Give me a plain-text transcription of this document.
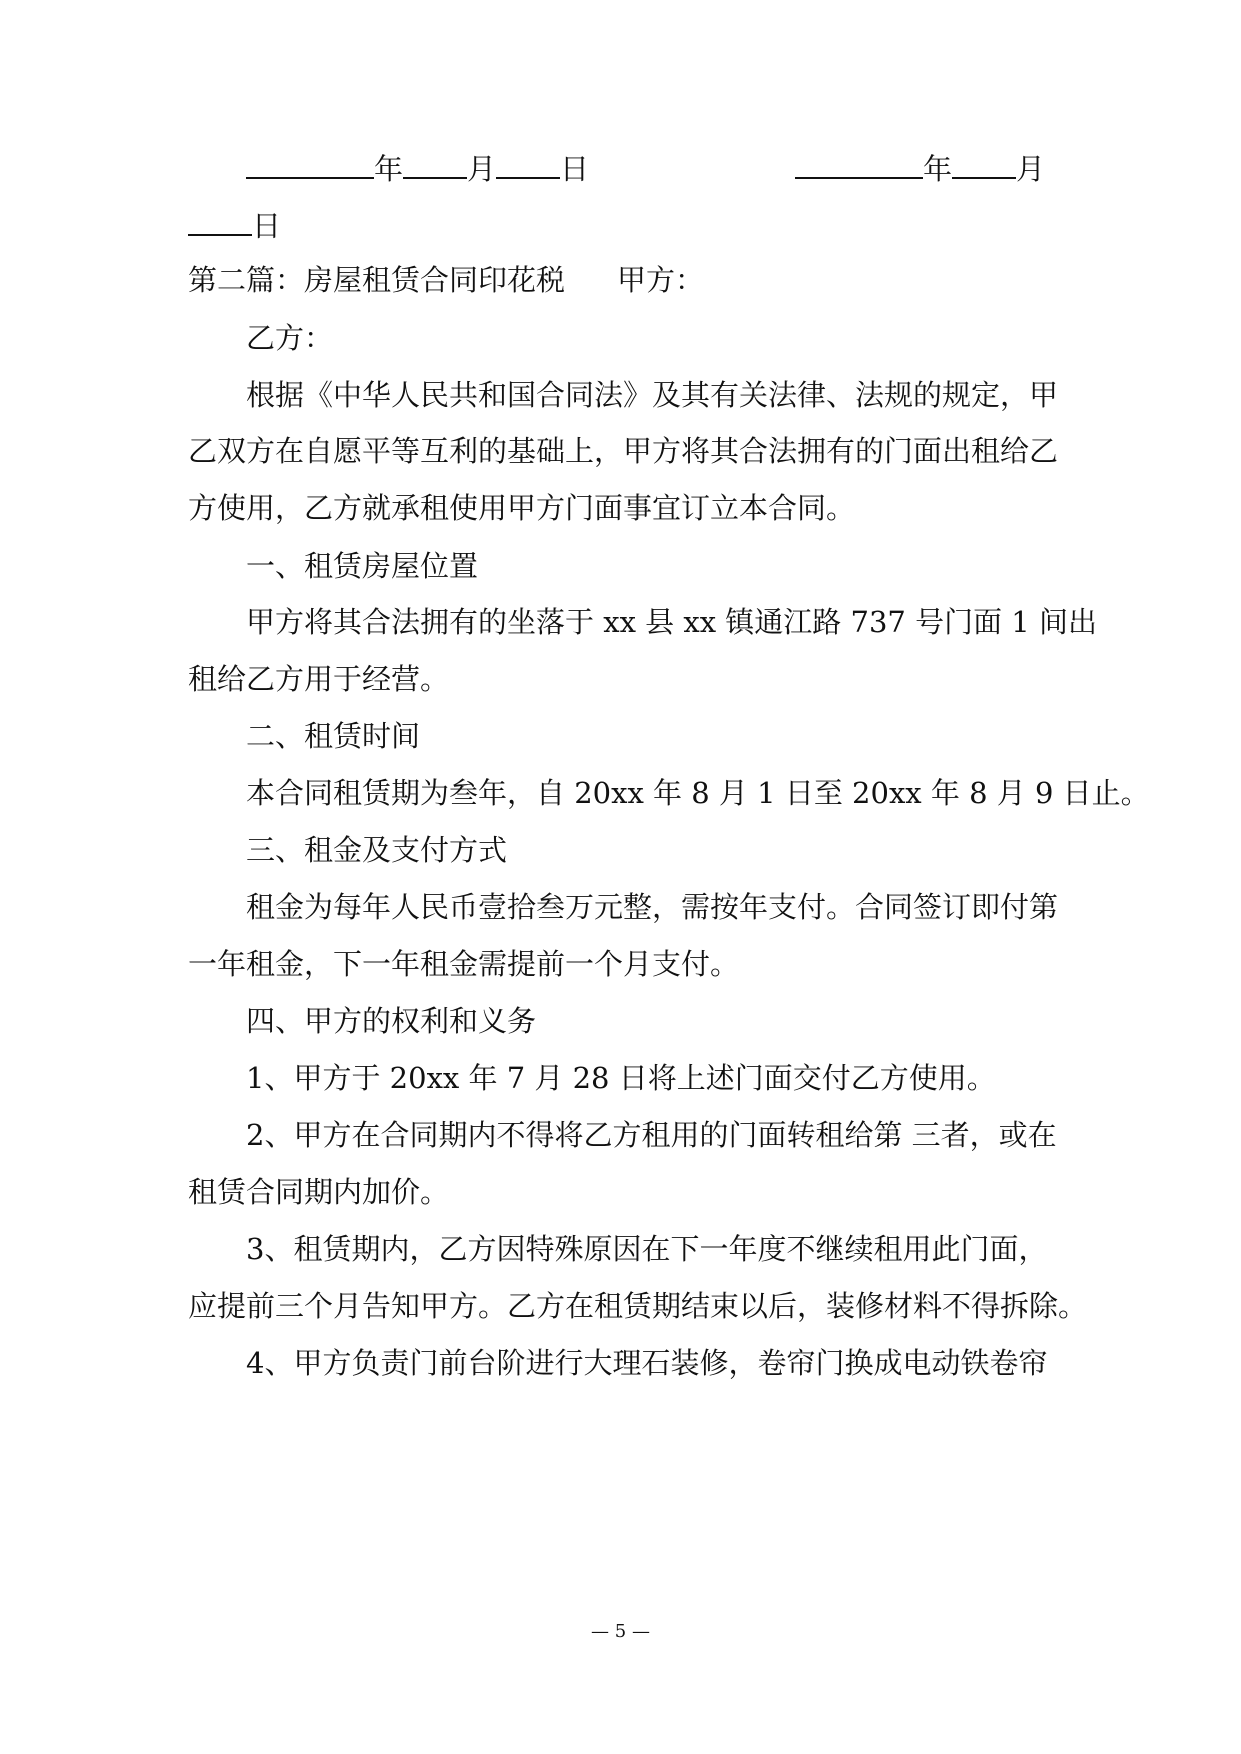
年 月 日	年 月
日
第二篇：房屋租赁合同印花税 甲方：
乙方：
根据《中华人民共和国合同法》及其有关法律、法规的规定，甲
乙双方在自愿平等互利的基础上，甲方将其合法拥有的门面出租给乙
方使用，乙方就承租使用甲方门面事宜订立本合同。
一、租赁房屋位置
甲方将其合法拥有的坐落于 xx 县 xx 镇通江路 737 号门面 1 间出
租给乙方用于经营。
二、租赁时间
本合同租赁期为叁年，自 20xx 年 8 月 1 日至 20xx 年 8 月 9 日止。
三、租金及支付方式
租金为每年人民币壹拾叁万元整，需按年支付。合同签订即付第
一年租金，下一年租金需提前一个月支付。
四、甲方的权利和义务
1、甲方于 20xx 年 7 月 28 日将上述门面交付乙方使用。
2、甲方在合同期内不得将乙方租用的门面转租给第 三者，或在
租赁合同期内加价。
3、租赁期内，乙方因特殊原因在下一年度不继续租用此门面，
应提前三个月告知甲方。乙方在租赁期结束以后，装修材料不得拆除。
4、甲方负责门前台阶进行大理石装修，卷帘门换成电动铁卷帘
— 5 —
